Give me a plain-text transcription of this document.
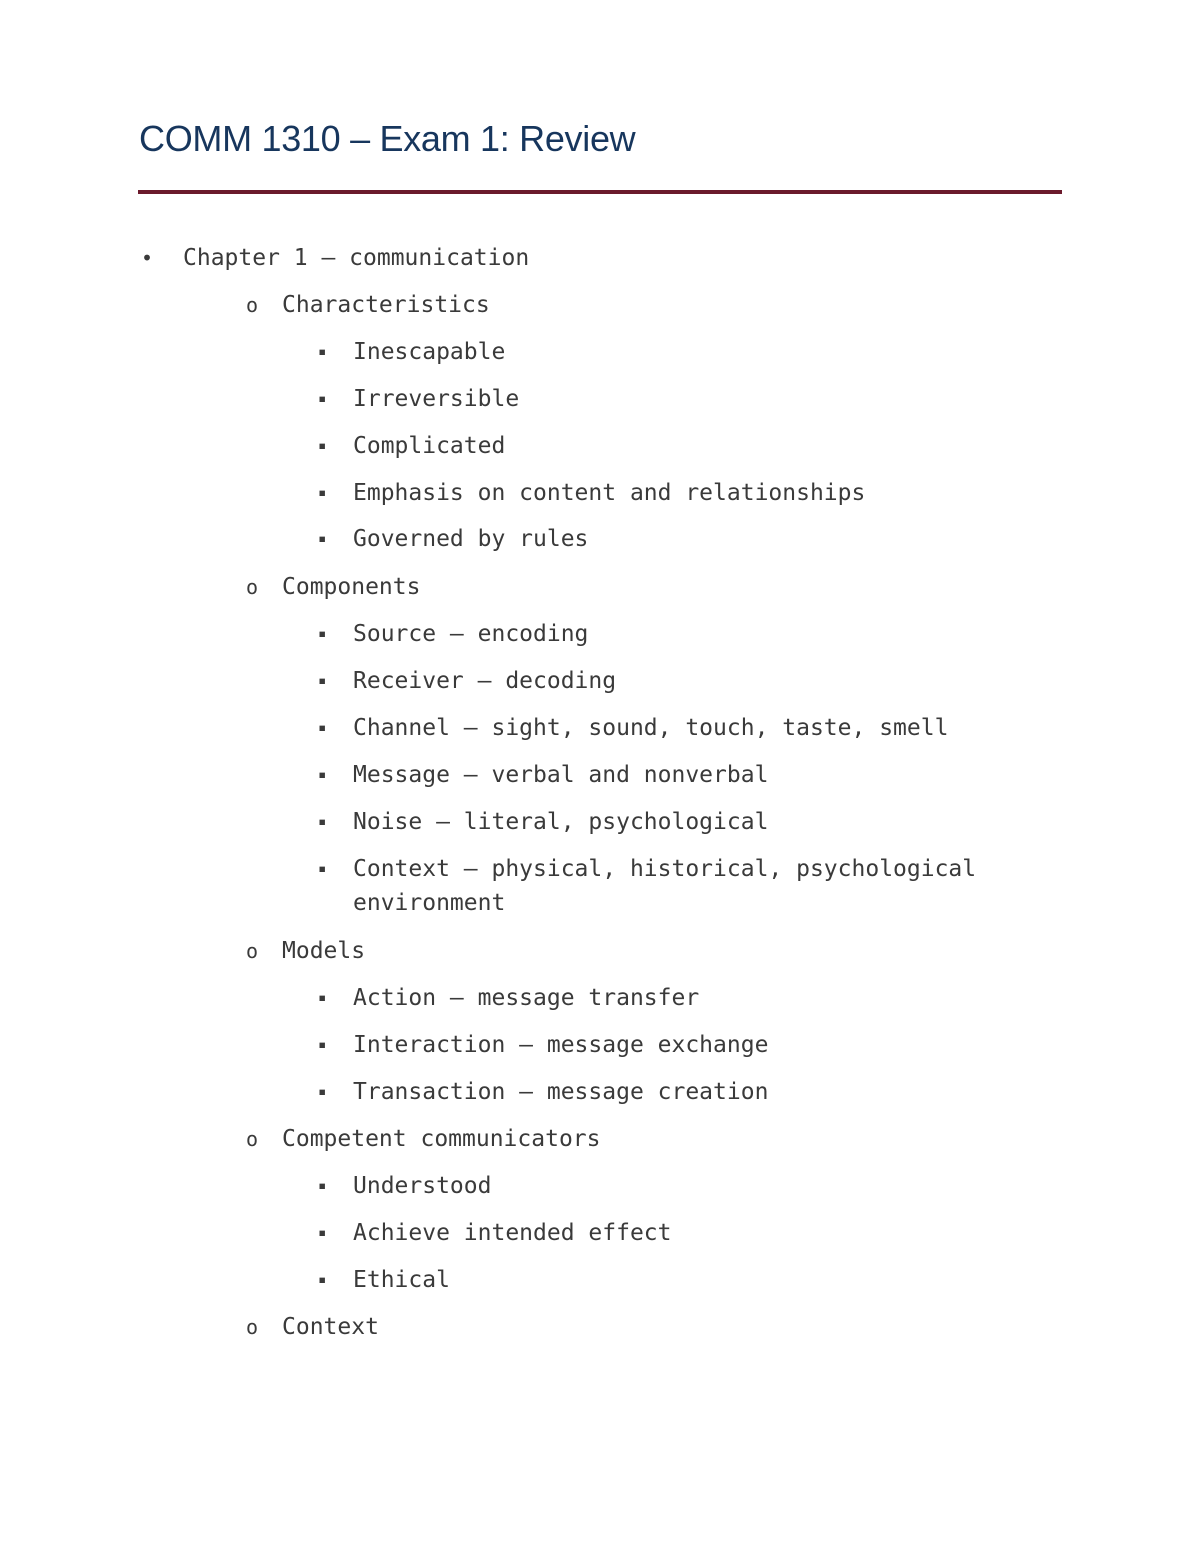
COMM 1310 – Exam 1: Review
• Chapter 1 – communication
o Characteristics
▪ Inescapable
▪ Irreversible
▪ Complicated
▪ Emphasis on content and relationships
▪ Governed by rules
o Components
▪ Source – encoding
▪ Receiver – decoding
▪ Channel – sight, sound, touch, taste, smell
▪ Message – verbal and nonverbal
▪ Noise – literal, psychological
▪ Context – physical, historical, psychological
environment
o Models
▪ Action – message transfer
▪ Interaction – message exchange
▪ Transaction – message creation
o Competent communicators
▪ Understood
▪ Achieve intended effect
▪ Ethical
o Context
